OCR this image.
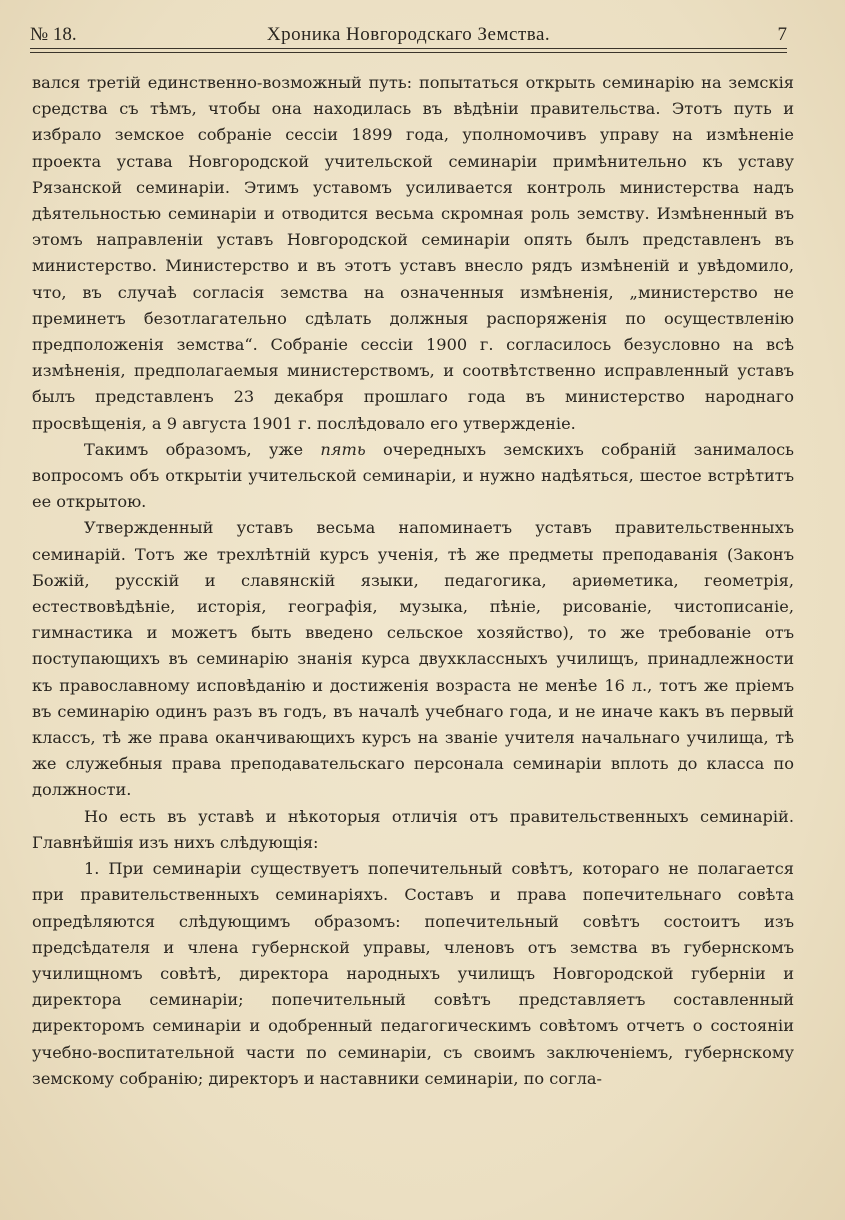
№ 18.	Хроника Новгородскаго Земства.	7

вался третій единственно-возможный путь: попытаться открыть семинарію на земскія средства съ тѣмъ, чтобы она находилась въ вѣдѣніи правительства. Этотъ путь и избрало земское собраніе сессіи 1899 года, уполномочивъ управу на измѣненіе проекта устава Новгородской учительской семинаріи примѣнительно къ уставу Рязанской семинаріи. Этимъ уставомъ усиливается контроль министерства надъ дѣятельностью семинаріи и отводится весьма скромная роль земству. Измѣненный въ этомъ направленіи уставъ Новгородской семинаріи опять былъ представленъ въ министерство. Министерство и въ этотъ уставъ внесло рядъ измѣненій и увѣдомило, что, въ случаѣ согласія земства на означенныя измѣненія, „министерство не преминетъ безотлагательно сдѣлать должныя распоряженія по осуществленію предположенія земства“. Собраніе сессіи 1900 г. согласилось безусловно на всѣ измѣненія, предполагаемыя министерствомъ, и соотвѣтственно исправленный уставъ былъ представленъ 23 декабря прошлаго года въ министерство народнаго просвѣщенія, а 9 августа 1901 г. послѣдовало его утвержденіе.

Такимъ образомъ, уже пять очередныхъ земскихъ собраній занималось вопросомъ объ открытіи учительской семинаріи, и нужно надѣяться, шестое встрѣтитъ ее открытою.

Утвержденный уставъ весьма напоминаетъ уставъ правительственныхъ семинарій. Тотъ же трехлѣтній курсъ ученія, тѣ же предметы преподаванія (Законъ Божій, русскій и славянскій языки, педагогика, ариѳметика, геометрія, естествовѣдѣніе, исторія, географія, музыка, пѣніе, рисованіе, чистописаніе, гимнастика и можетъ быть введено сельское хозяйство), то же требованіе отъ поступающихъ въ семинарію знанія курса двухклассныхъ училищъ, принадлежности къ православному исповѣданію и достиженія возраста не менѣе 16 л., тотъ же пріемъ въ семинарію одинъ разъ въ годъ, въ началѣ учебнаго года, и не иначе какъ въ первый классъ, тѣ же права оканчивающихъ курсъ на званіе учителя начальнаго училища, тѣ же служебныя права преподавательскаго персонала семинаріи вплоть до класса по должности.

Но есть въ уставѣ и нѣкоторыя отличія отъ правительственныхъ семинарій. Главнѣйшія изъ нихъ слѣдующія:

1. При семинаріи существуетъ попечительный совѣтъ, котораго не полагается при правительственныхъ семинаріяхъ. Составъ и права попечительнаго совѣта опредѣляются слѣдующимъ образомъ: попечительный совѣтъ состоитъ изъ предсѣдателя и члена губернской управы, членовъ отъ земства въ губернскомъ училищномъ совѣтѣ, директора народныхъ училищъ Новгородской губерніи и директора семинаріи; попечительный совѣтъ представляетъ составленный директоромъ семинаріи и одобренный педагогическимъ совѣтомъ отчетъ о состояніи учебно-воспитательной части по семинаріи, съ своимъ заключеніемъ, губернскому земскому собранію; директоръ и наставники семинаріи, по согла-
